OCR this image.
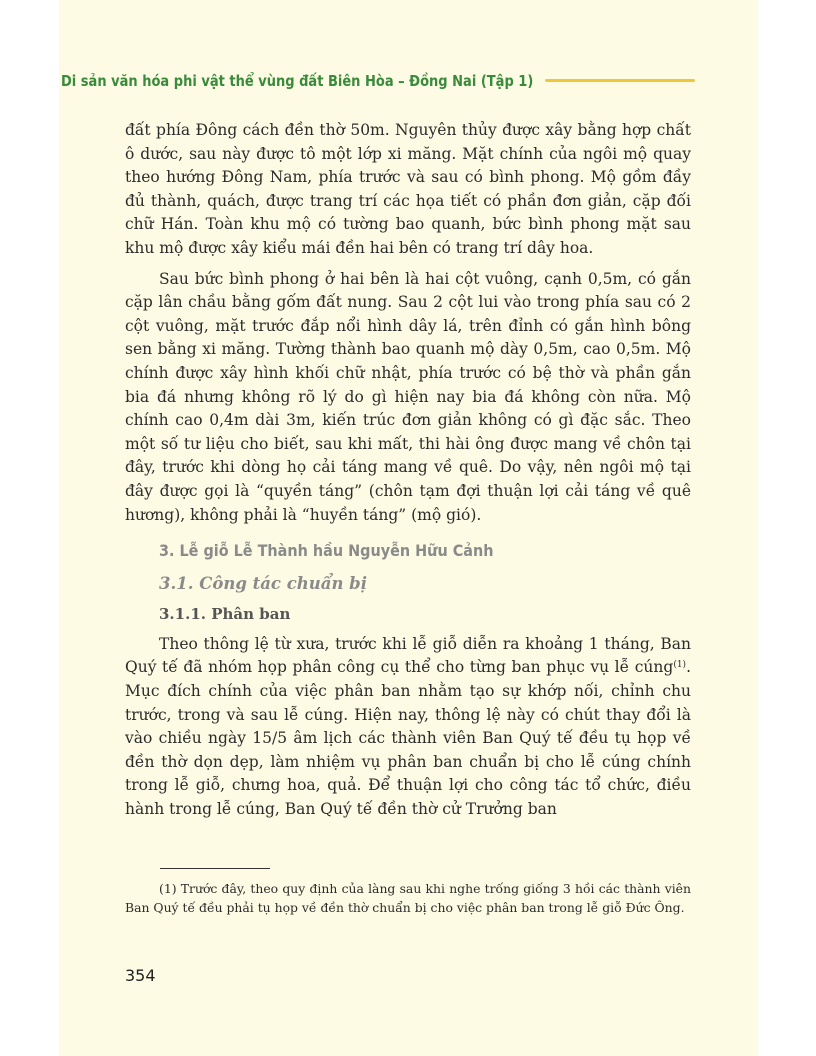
Di sản văn hóa phi vật thể vùng đất Biên Hòa – Đồng Nai (Tập 1)

đất phía Đông cách đền thờ 50m. Nguyên thủy được xây bằng hợp chất ô dước, sau này được tô một lớp xi măng. Mặt chính của ngôi mộ quay theo hướng Đông Nam, phía trước và sau có bình phong. Mộ gồm đầy đủ thành, quách, được trang trí các họa tiết có phần đơn giản, cặp đối chữ Hán. Toàn khu mộ có tường bao quanh, bức bình phong mặt sau khu mộ được xây kiểu mái đền hai bên có trang trí dây hoa.

Sau bức bình phong ở hai bên là hai cột vuông, cạnh 0,5m, có gắn cặp lân chầu bằng gốm đất nung. Sau 2 cột lui vào trong phía sau có 2 cột vuông, mặt trước đắp nổi hình dây lá, trên đỉnh có gắn hình bông sen bằng xi măng. Tường thành bao quanh mộ dày 0,5m, cao 0,5m. Mộ chính được xây hình khối chữ nhật, phía trước có bệ thờ và phần gắn bia đá nhưng không rõ lý do gì hiện nay bia đá không còn nữa. Mộ chính cao 0,4m dài 3m, kiến trúc đơn giản không có gì đặc sắc. Theo một số tư liệu cho biết, sau khi mất, thi hài ông được mang về chôn tại đây, trước khi dòng họ cải táng mang về quê. Do vậy, nên ngôi mộ tại đây được gọi là “quyền táng” (chôn tạm đợi thuận lợi cải táng về quê hương), không phải là “huyền táng” (mộ gió).

3. Lễ giỗ Lễ Thành hầu Nguyễn Hữu Cảnh
3.1. Công tác chuẩn bị
3.1.1. Phân ban

Theo thông lệ từ xưa, trước khi lễ giỗ diễn ra khoảng 1 tháng, Ban Quý tế đã nhóm họp phân công cụ thể cho từng ban phục vụ lễ cúng$^{(1)}$. Mục đích chính của việc phân ban nhằm tạo sự khớp nối, chỉnh chu trước, trong và sau lễ cúng. Hiện nay, thông lệ này có chút thay đổi là vào chiều ngày 15/5 âm lịch các thành viên Ban Quý tế đều tụ họp về đền thờ dọn dẹp, làm nhiệm vụ phân ban chuẩn bị cho lễ cúng chính trong lễ giỗ, chưng hoa, quả. Để thuận lợi cho công tác tổ chức, điều hành trong lễ cúng, Ban Quý tế đền thờ cử Trưởng ban

(1) Trước đây, theo quy định của làng sau khi nghe trống giống 3 hồi các thành viên Ban Quý tế đều phải tụ họp về đền thờ chuẩn bị cho việc phân ban trong lễ giỗ Đức Ông.
354
